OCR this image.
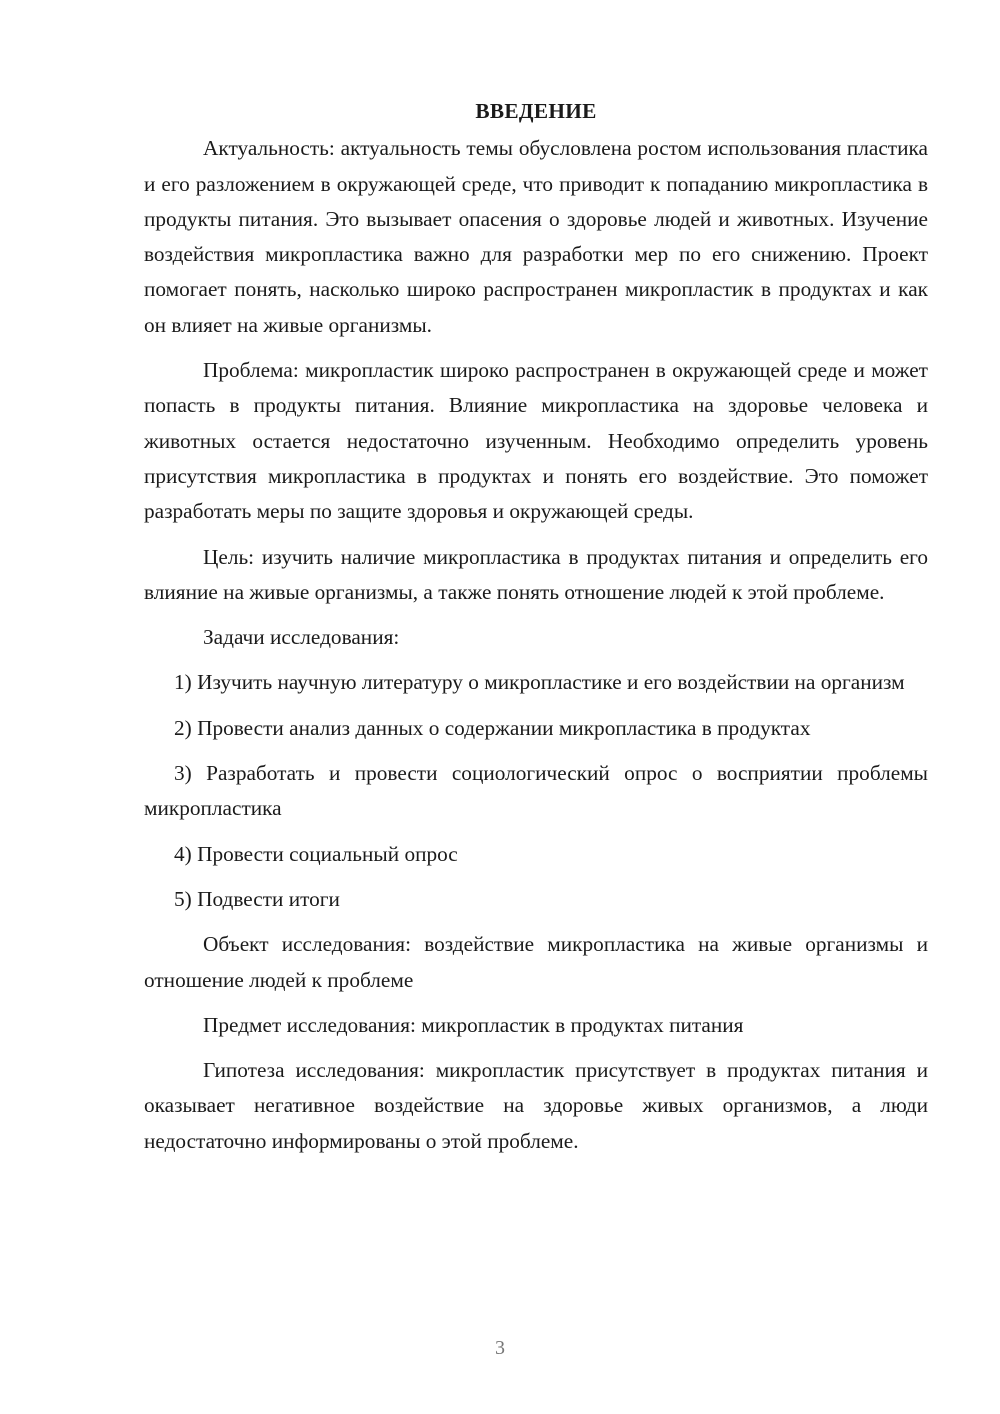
ВВЕДЕНИЕ

Актуальность: актуальность темы обусловлена ростом использования пластика и его разложением в окружающей среде, что приводит к попаданию микропластика в продукты питания. Это вызывает опасения о здоровье людей и животных. Изучение воздействия микропластика важно для разработки мер по его снижению. Проект помогает понять, насколько широко распространен микропластик в продуктах и как он влияет на живые организмы.

Проблема: микропластик широко распространен в окружающей среде и может попасть в продукты питания. Влияние микропластика на здоровье человека и животных остается недостаточно изученным. Необходимо определить уровень присутствия микропластика в продуктах и понять его воздействие. Это поможет разработать меры по защите здоровья и окружающей среды.

Цель: изучить наличие микропластика в продуктах питания и определить его влияние на живые организмы, а также понять отношение людей к этой проблеме.

Задачи исследования:

1) Изучить научную литературу о микропластике и его воздействии на организм

2) Провести анализ данных о содержании микропластика в продуктах

3) Разработать и провести социологический опрос о восприятии проблемы микропластика

4) Провести социальный опрос

5) Подвести итоги

Объект исследования: воздействие микропластика на живые организмы и отношение людей к проблеме

Предмет исследования: микропластик в продуктах питания

Гипотеза исследования: микропластик присутствует в продуктах питания и оказывает негативное воздействие на здоровье живых организмов, а люди недостаточно информированы о этой проблеме.

3
